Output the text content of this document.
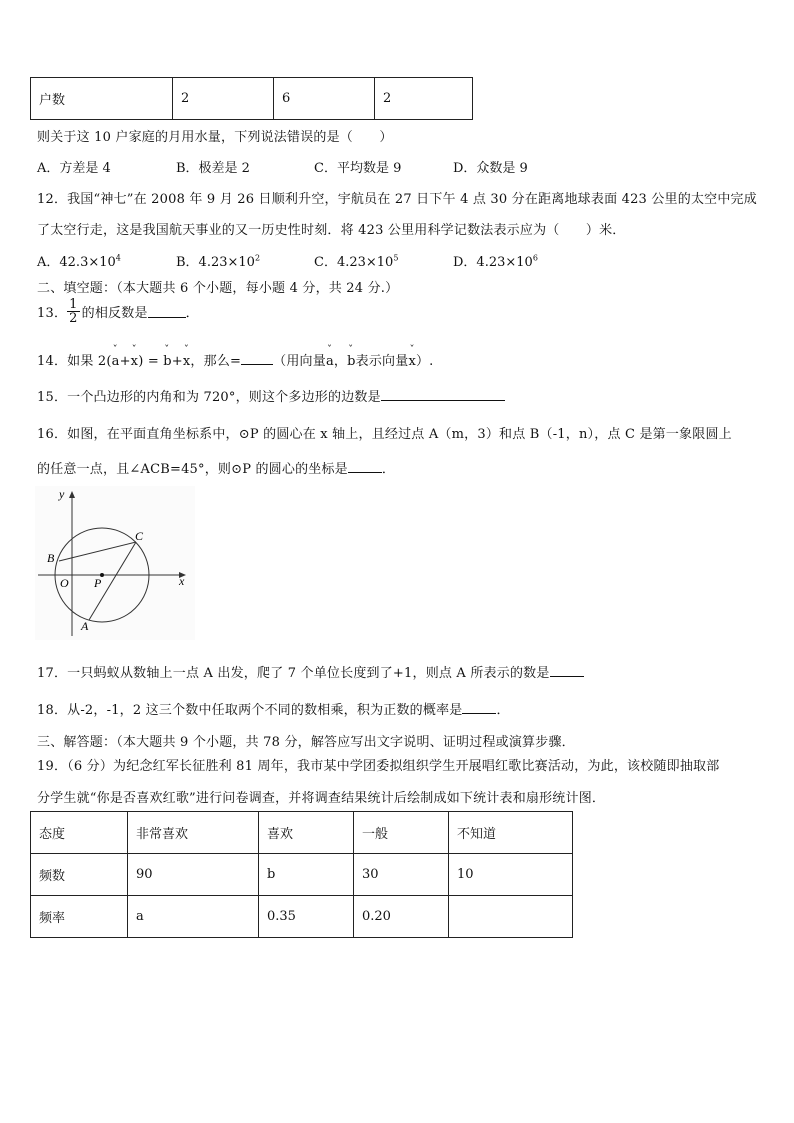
户数	2	6	2
则关于这 10 户家庭的月用水量，下列说法错误的是（　　）
A．方差是 4	B．极差是 2	C．平均数是 9	D．众数是 9
12．我国“神七”在 2008 年 9 月 26 日顺利升空，宇航员在 27 日下午 4 点 30 分在距离地球表面 423 公里的太空中完成
了太空行走，这是我国航天事业的又一历史性时刻．将 423 公里用科学记数法表示应为（　　）米．
A．$42.3\times 10^4$	B．$4.23\times 10^2$	C．$4.23\times 10^5$	D．$4.23\times 10^6$
二、填空题：（本大题共 6 个小题，每小题 4 分，共 24 分.）
13． $\frac{1}{2}$ 的相反数是	．
14．如果 2(ˇ a+ˇ x) = ˇ b+ˇ x，那么= （用向量ˇ a，ˇ b表示向量ˇ x）.
15．一个凸边形的内角和为 720°，则这个多边形的边数是
16．如图，在平面直角坐标系中，⊙P 的圆心在 x 轴上，且经过点 A（m，3）和点 B（-1，n），点 C 是第一象限圆上
的任意一点，且∠ACB=45°，则⊙P 的圆心的坐标是	．
y
x
O P
A
B
C
17．一只蚂蚁从数轴上一点 A 出发，爬了 7 个单位长度到了+1，则点 A 所表示的数是
18．从-2，-1，2 这三个数中任取两个不同的数相乘，积为正数的概率是	．
三、解答题：（本大题共 9 个小题，共 78 分，解答应写出文字说明、证明过程或演算步骤．
19．（6 分）为纪念红军长征胜利 81 周年，我市某中学团委拟组织学生开展唱红歌比赛活动，为此，该校随即抽取部
分学生就“你是否喜欢红歌”进行问卷调查，并将调查结果统计后绘制成如下统计表和扇形统计图．
态度	非常喜欢	喜欢	一般	不知道
频数	90	b	30	10
频率	a	0.35	0.20	
